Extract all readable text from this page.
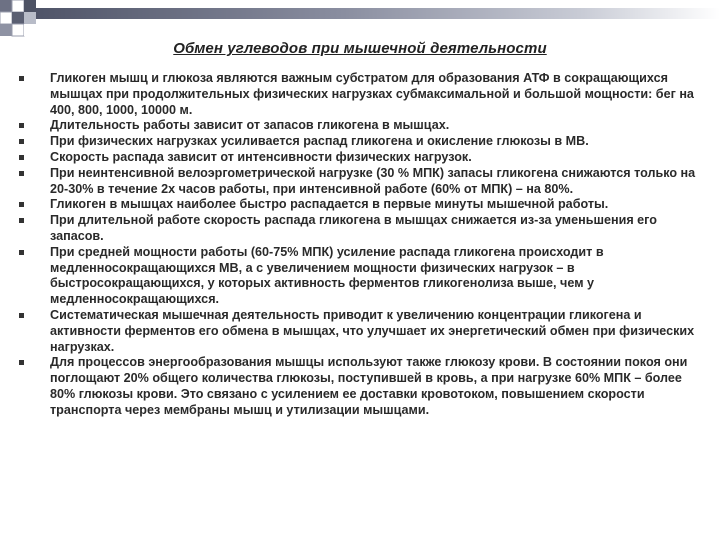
Обмен углеводов при мышечной деятельности
Гликоген мышц и глюкоза являются важным субстратом для образования АТФ в сокращающихся мышцах при продолжительных физических нагрузках субмаксимальной и большой мощности: бег на 400, 800, 1000, 10000 м.
Длительность работы зависит от запасов гликогена в мышцах.
При физических нагрузках усиливается распад гликогена и окисление глюкозы в МВ.
Скорость распада зависит от интенсивности физических нагрузок.
При неинтенсивной велоэргометрической нагрузке (30 % МПК) запасы гликогена снижаются только на 20-30% в течение 2х часов работы, при интенсивной работе (60% от МПК) – на 80%.
Гликоген в мышцах наиболее быстро распадается в первые минуты мышечной работы.
При длительной работе скорость распада гликогена в мышцах снижается из-за уменьшения его запасов.
При средней мощности работы (60-75% МПК) усиление распада гликогена происходит в медленносокращающихся МВ, а с увеличением мощности физических нагрузок – в быстросокращающихся, у которых активность ферментов гликогенолиза выше, чем у медленносокращающихся.
Систематическая мышечная деятельность приводит к увеличению концентрации гликогена и активности ферментов его обмена в мышцах, что улучшает их энергетический обмен при физических нагрузках.
Для процессов энергообразования мышцы используют также глюкозу крови. В состоянии покоя они поглощают 20% общего количества глюкозы, поступившей в кровь, а при нагрузке 60% МПК – более 80% глюкозы крови. Это связано с усилением ее доставки кровотоком, повышением скорости транспорта через мембраны мышц и утилизации мышцами.
